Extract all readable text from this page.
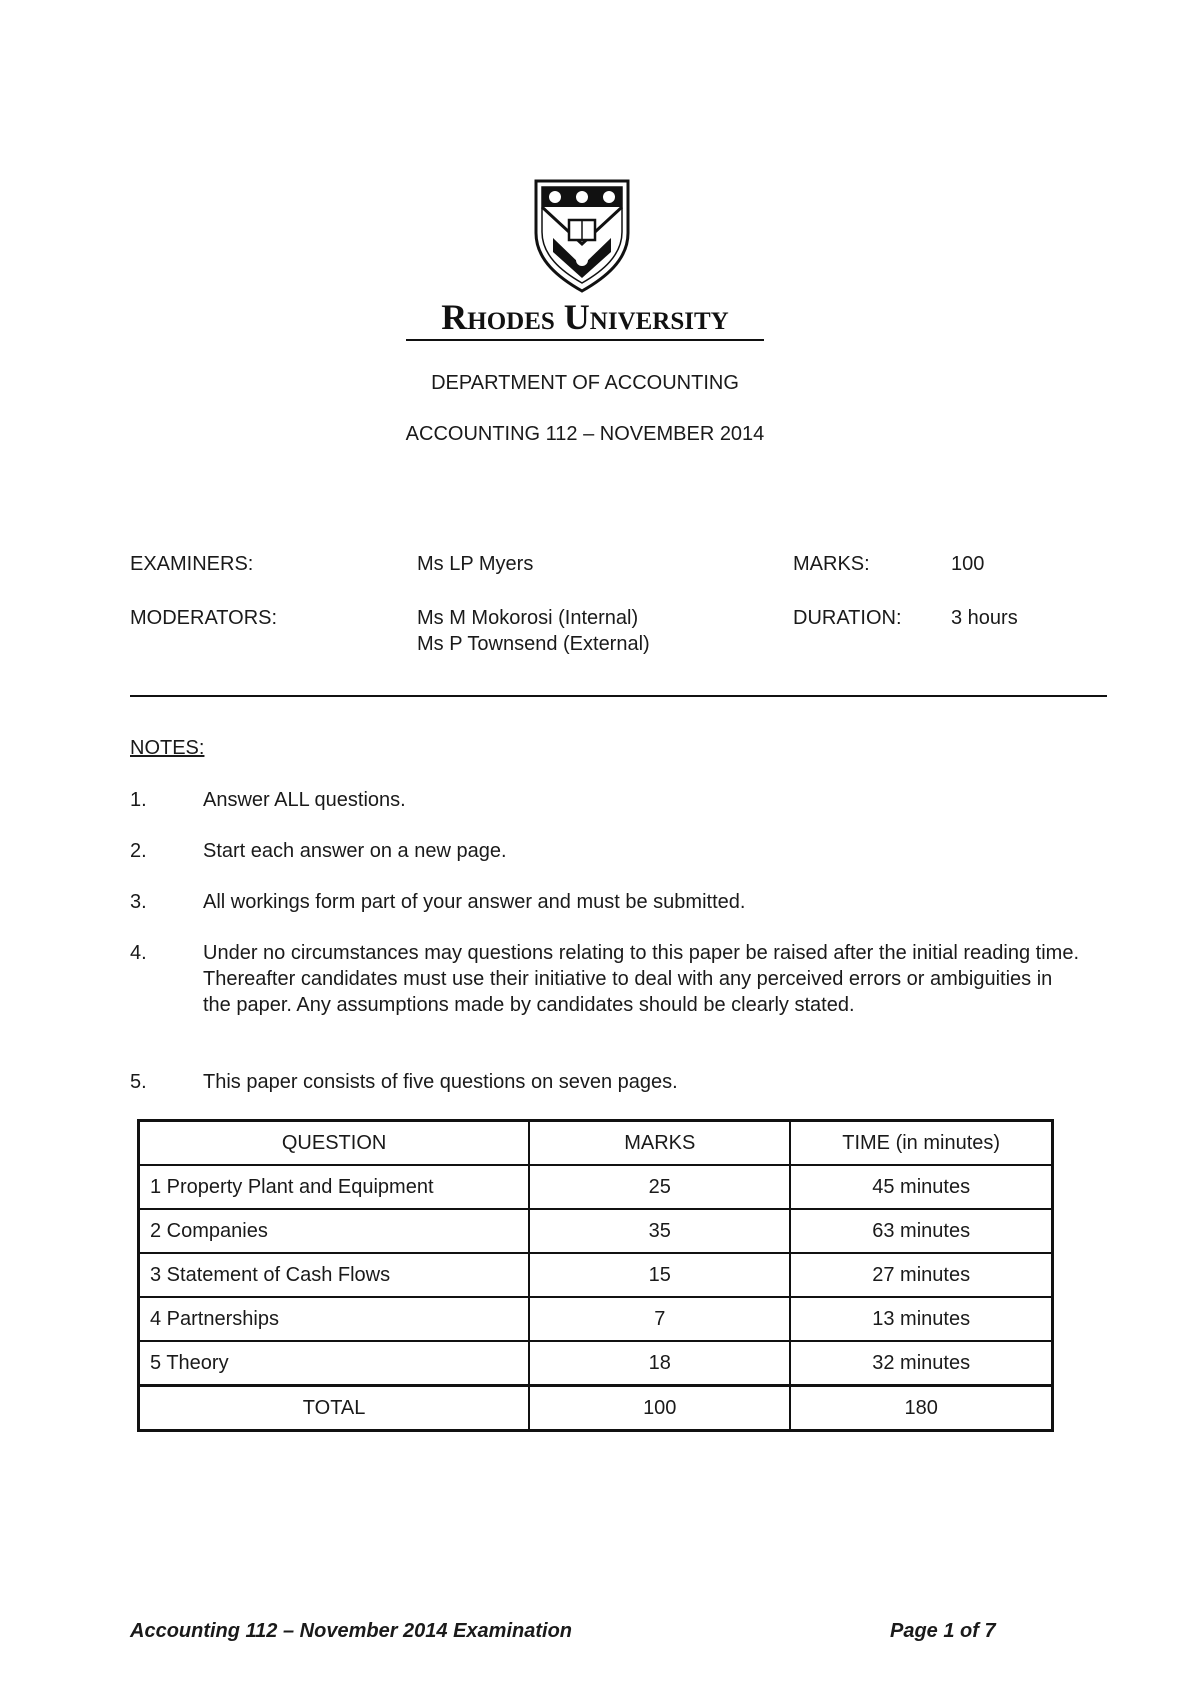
Rhodes University
DEPARTMENT OF ACCOUNTING
ACCOUNTING 112 – NOVEMBER 2014
EXAMINERS:	Ms LP Myers	MARKS:	100
MODERATORS:	Ms M Mokorosi (Internal)
Ms P Townsend (External)
DURATION: 3 hours
NOTES:
1.	Answer ALL questions.
2.	Start each answer on a new page.
3.	All workings form part of your answer and must be submitted.
4.	Under no circumstances may questions relating to this paper be raised after the initial reading time. Thereafter candidates must use their initiative to deal with any perceived errors or ambiguities in the paper. Any assumptions made by candidates should be clearly stated.
5.	This paper consists of five questions on seven pages.
QUESTION	MARKS	TIME (in minutes)
1 Property Plant and Equipment	25	45 minutes
2 Companies	35	63 minutes
3 Statement of Cash Flows	15	27 minutes
4 Partnerships	7	13 minutes
5 Theory	18	32 minutes
TOTAL	100	180
Accounting 112 – November 2014 Examination	Page 1 of 7
